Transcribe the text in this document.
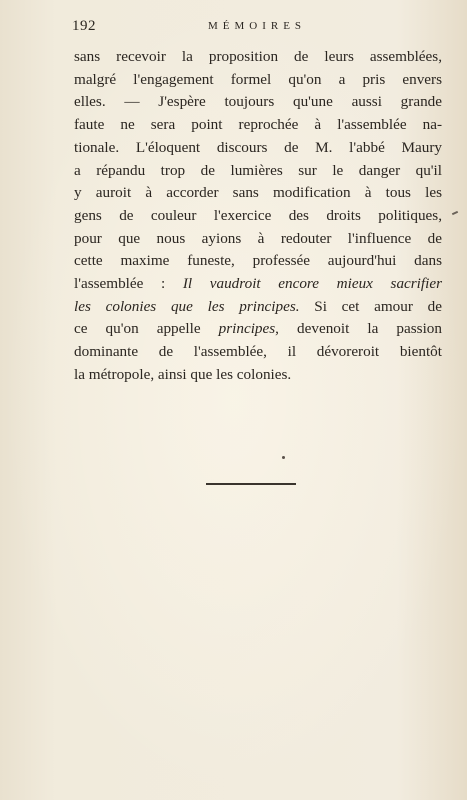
192	MÉMOIRES
sans recevoir la proposition de leurs assemblées,
malgré l'engagement formel qu'on a pris envers
elles. — J'espère toujours qu'une aussi grande
faute ne sera point reprochée à l'assemblée na-
tionale. L'éloquent discours de M. l'abbé Maury
a répandu trop de lumières sur le danger qu'il
y auroit à accorder sans modification à tous les
gens de couleur l'exercice des droits politiques,
pour que nous ayions à redouter l'influence de
cette maxime funeste, professée aujourd'hui dans
l'assemblée : Il vaudroit encore mieux sacrifier
les colonies que les principes. Si cet amour de
ce qu'on appelle principes, devenoit la passion
dominante de l'assemblée, il dévoreroit bientôt
la métropole, ainsi que les colonies.
